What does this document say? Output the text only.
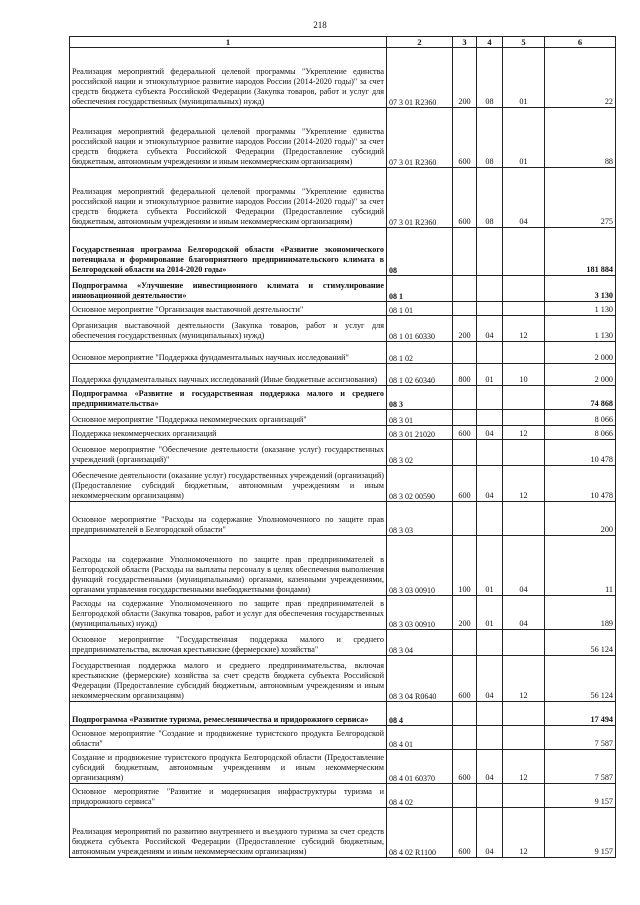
218
1	2	3	4	5	6
Реализация мероприятий федеральной целевой программы "Укрепление единства российской нации и этнокультурное развитие народов России (2014-2020 годы)" за счет средств бюджета субъекта Российской Федерации (Закупка товаров, работ и услуг для обеспечения государственных (муниципальных) нужд)	07 3 01 R2360	200	08	01	22
Реализация мероприятий федеральной целевой программы "Укрепление единства российской нации и этнокультурное развитие народов России (2014-2020 годы)" за счет средств бюджета субъекта Российской Федерации (Предоставление субсидий бюджетным, автономным учреждениям и иным некоммерческим организациям)	07 3 01 R2360	600	08	01	88
Реализация мероприятий федеральной целевой программы "Укрепление единства российской нации и этнокультурное развитие народов России (2014-2020 годы)" за счет средств бюджета субъекта Российской Федерации (Предоставление субсидий бюджетным, автономным учреждениям и иным некоммерческим организациям)	07 3 01 R2360	600	08	04	275
Государственная программа Белгородской области «Развитие экономического потенциала и формирование благоприятного предпринимательского климата в Белгородской области на 2014-2020 годы»	08				181 884
Подпрограмма «Улучшение инвестиционного климата и стимулирование инновационной деятельности»	08 1				3 130
Основное мероприятие "Организация выставочной деятельности"	08 1 01				1 130
Организация выставочной деятельности (Закупка товаров, работ и услуг для обеспечения государственных (муниципальных) нужд)	08 1 01 60330	200	04	12	1 130
Основное мероприятие "Поддержка фундаментальных научных исследований"	08 1 02				2 000
Поддержка фундаментальных научных исследований (Иные бюджетные ассигнования)	08 1 02 60340	800	01	10	2 000
Подпрограмма «Развитие и государственная поддержка малого и среднего предпринимательства»	08 3				74 868
Основное мероприятие "Поддержка некоммерческих организаций"	08 3 01				8 066
Поддержка некоммерческих организаций	08 3 01 21020	600	04	12	8 066
Основное мероприятие "Обеспечение деятельности (оказание услуг) государственных учреждений (организаций)"	08 3 02				10 478
Обеспечение деятельности (оказание услуг) государственных учреждений (организаций) (Предоставление субсидий бюджетным, автономным учреждениям и иным некоммерческим организациям)	08 3 02 00590	600	04	12	10 478
Основное мероприятие "Расходы на содержание Уполномоченного по защите прав предпринимателей в Белгородской области"	08 3 03				200
Расходы на содержание Уполномоченного по защите прав предпринимателей в Белгородской области (Расходы на выплаты персоналу в целях обеспечения выполнения функций государственными (муниципальными) органами, казенными учреждениями, органами управления государственными внебюджетными фондами)	08 3 03 00910	100	01	04	11
Расходы на содержание Уполномоченного по защите прав предпринимателей в Белгородской области (Закупка товаров, работ и услуг для обеспечения государственных (муниципальных) нужд)	08 3 03 00910	200	01	04	189
Основное мероприятие "Государственная поддержка малого и среднего предпринимательства, включая крестьянские (фермерские) хозяйства"	08 3 04				56 124
Государственная поддержка малого и среднего предпринимательства, включая крестьянские (фермерские) хозяйства за счет средств бюджета субъекта Российской Федерации (Предоставление субсидий бюджетным, автономным учреждениям и иным некоммерческим организациям)	08 3 04 R0640	600	04	12	56 124
Подпрограмма «Развитие туризма, ремесленничества и придорожного сервиса»	08 4				17 494
Основное мероприятие "Создание и продвижение туристского продукта Белгородской области"	08 4 01				7 587
Создание и продвижение туристского продукта Белгородской области (Предоставление субсидий бюджетным, автономным учреждениям и иным некоммерческим организациям)	08 4 01 60370	600	04	12	7 587
Основное мероприятие "Развитие и модернизация инфраструктуры туризма и придорожного сервиса"	08 4 02				9 157
Реализация мероприятий по развитию внутреннего и въездного туризма за счет средств бюджета субъекта Российской Федерации (Предоставление субсидий бюджетным, автономным учреждениям и иным некоммерческим организациям)	08 4 02 R1100	600	04	12	9 157
